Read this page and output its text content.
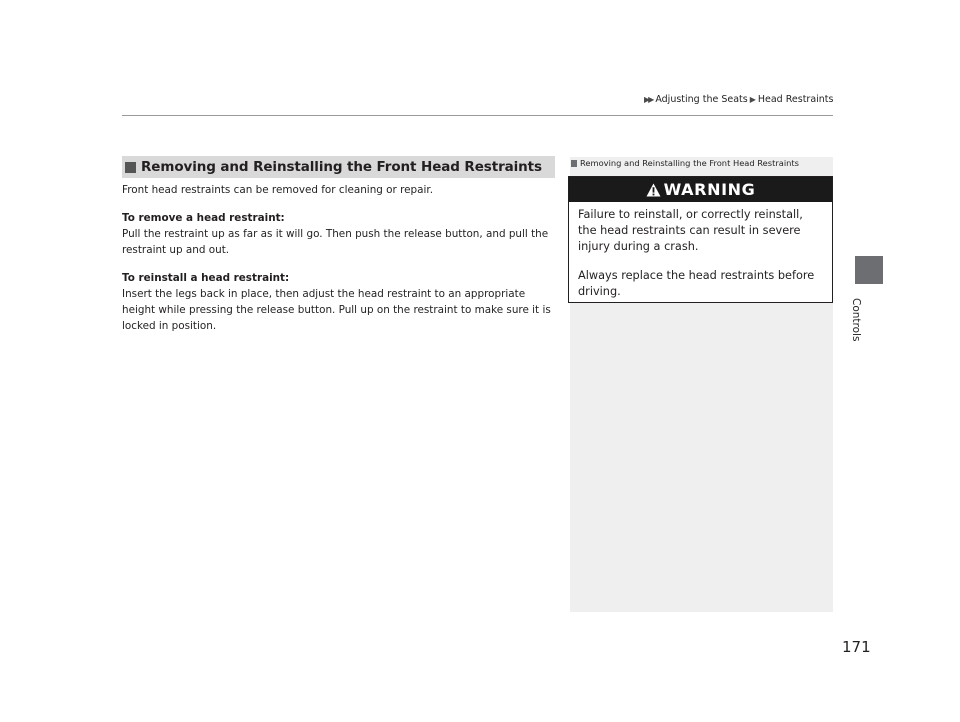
▶▶ Adjusting the Seats ▶ Head Restraints
Controls
Removing and Reinstalling the Front Head Restraints

Front head restraints can be removed for cleaning or repair.

To remove a head restraint:

Pull the restraint up as far as it will go. Then push the release button, and pull the restraint up and out.

To reinstall a head restraint:

Insert the legs back in place, then adjust the head restraint to an appropriate height while pressing the release button. Pull up on the restraint to make sure it is locked in position.

Removing and Reinstalling the Front Head Restraints
WARNING

Failure to reinstall, or correctly reinstall, the head restraints can result in severe injury during a crash.

Always replace the head restraints before driving.

171
